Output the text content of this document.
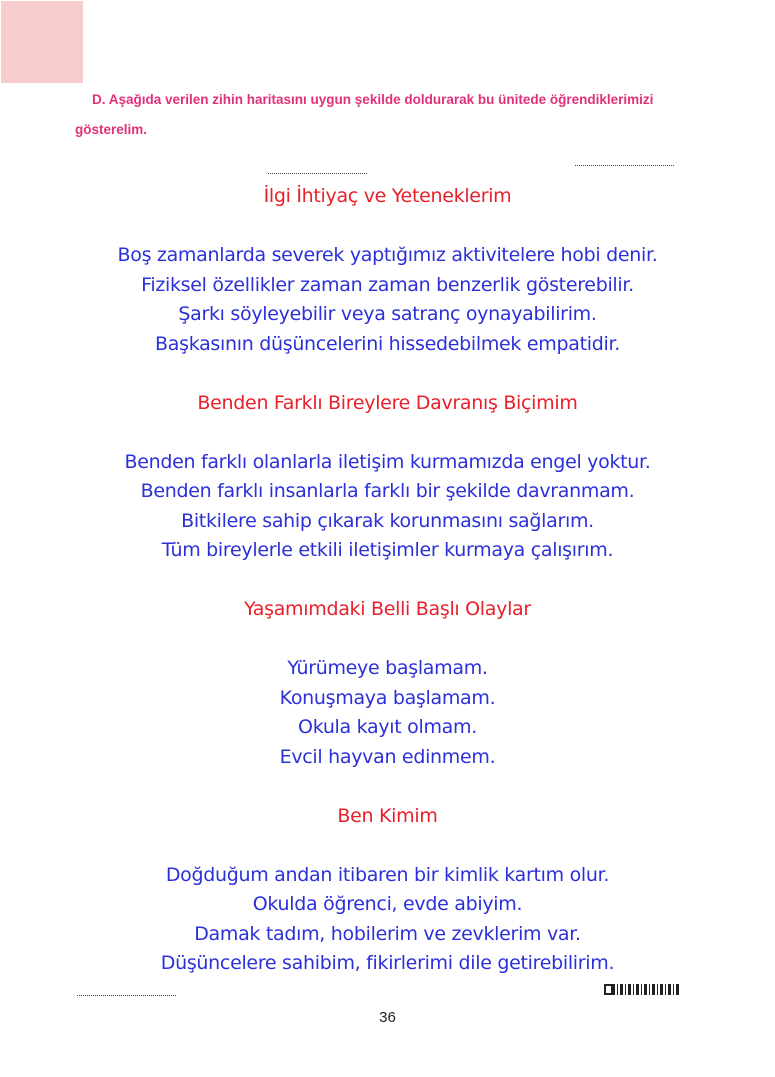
D. Aşağıda verilen zihin haritasını uygun şekilde doldurarak bu ünitede öğrendiklerimizi
gösterelim.
İlgi İhtiyaç ve Yeteneklerim
Boş zamanlarda severek yaptığımız aktivitelere hobi denir.
Fiziksel özellikler zaman zaman benzerlik gösterebilir.
Şarkı söyleyebilir veya satranç oynayabilirim.
Başkasının düşüncelerini hissedebilmek empatidir.
Benden Farklı Bireylere Davranış Biçimim
Benden farklı olanlarla iletişim kurmamızda engel yoktur.
Benden farklı insanlarla farklı bir şekilde davranmam.
Bitkilere sahip çıkarak korunmasını sağlarım.
Tüm bireylerle etkili iletişimler kurmaya çalışırım.
Yaşamımdaki Belli Başlı Olaylar
Yürümeye başlamam.
Konuşmaya başlamam.
Okula kayıt olmam.
Evcil hayvan edinmem.
Ben Kimim
Doğduğum andan itibaren bir kimlik kartım olur.
Okulda öğrenci, evde abiyim.
Damak tadım, hobilerim ve zevklerim var.
Düşüncelere sahibim, fikirlerimi dile getirebilirim.
36
